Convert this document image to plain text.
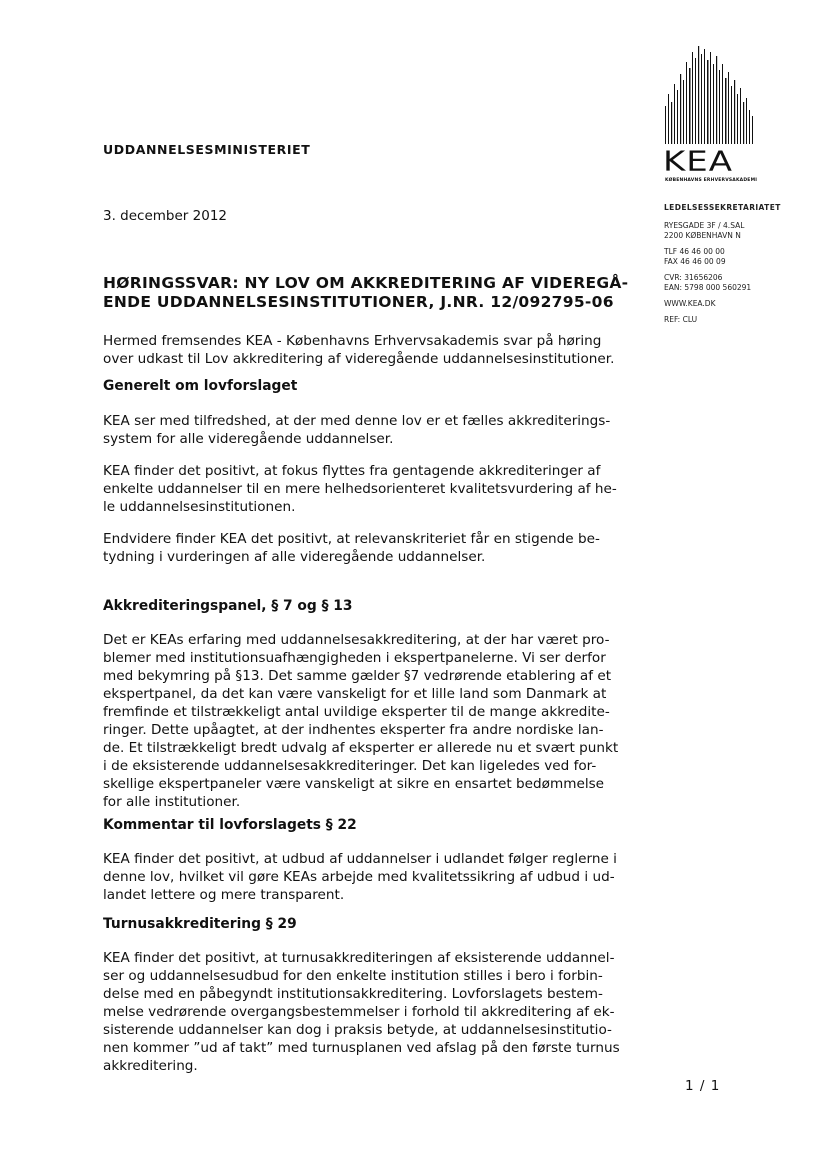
KEA
KØBENHAVNS ERHVERVSAKADEMI
LEDELSESSEKRETARIATET
RYESGADE 3F / 4.SAL
2200 KØBENHAVN N
TLF 46 46 00 00
FAX 46 46 00 09
CVR: 31656206
EAN: 5798 000 560291
WWW.KEA.DK
REF: CLU
UDDANNELSESMINISTERIET
3. december 2012
HØRINGSSVAR: NY LOV OM AKKREDITERING AF VIDEREGÅ-
ENDE UDDANNELSESINSTITUTIONER, J.NR. 12/092795-06
Hermed fremsendes KEA - Københavns Erhvervsakademis svar på høring
over udkast til Lov akkreditering af videregående uddannelsesinstitutioner.
Generelt om lovforslaget
KEA ser med tilfredshed, at der med denne lov er et fælles akkrediterings-
system for alle videregående uddannelser.
KEA finder det positivt, at fokus flyttes fra gentagende akkrediteringer af
enkelte uddannelser til en mere helhedsorienteret kvalitetsvurdering af he-
le uddannelsesinstitutionen.
Endvidere finder KEA det positivt, at relevanskriteriet får en stigende be-
tydning i vurderingen af alle videregående uddannelser.
Akkrediteringspanel, § 7 og § 13
Det er KEAs erfaring med uddannelsesakkreditering, at der har været pro-
blemer med institutionsuafhængigheden i ekspertpanelerne. Vi ser derfor
med bekymring på §13. Det samme gælder §7 vedrørende etablering af et
ekspertpanel, da det kan være vanskeligt for et lille land som Danmark at
fremfinde et tilstrækkeligt antal uvildige eksperter til de mange akkredite-
ringer. Dette upåagtet, at der indhentes eksperter fra andre nordiske lan-
de. Et tilstrækkeligt bredt udvalg af eksperter er allerede nu et svært punkt
i de eksisterende uddannelsesakkrediteringer. Det kan ligeledes ved for-
skellige ekspertpaneler være vanskeligt at sikre en ensartet bedømmelse
for alle institutioner.
Kommentar til lovforslagets § 22
KEA finder det positivt, at udbud af uddannelser i udlandet følger reglerne i
denne lov, hvilket vil gøre KEAs arbejde med kvalitetssikring af udbud i ud-
landet lettere og mere transparent.
Turnusakkreditering § 29
KEA finder det positivt, at turnusakkrediteringen af eksisterende uddannel-
ser og uddannelsesudbud for den enkelte institution stilles i bero i forbin-
delse med en påbegyndt institutionsakkreditering. Lovforslagets bestem-
melse vedrørende overgangsbestemmelser i forhold til akkreditering af ek-
sisterende uddannelser kan dog i praksis betyde, at uddannelsesinstitutio-
nen kommer ”ud af takt” med turnusplanen ved afslag på den første turnus
akkreditering.
1 / 1
